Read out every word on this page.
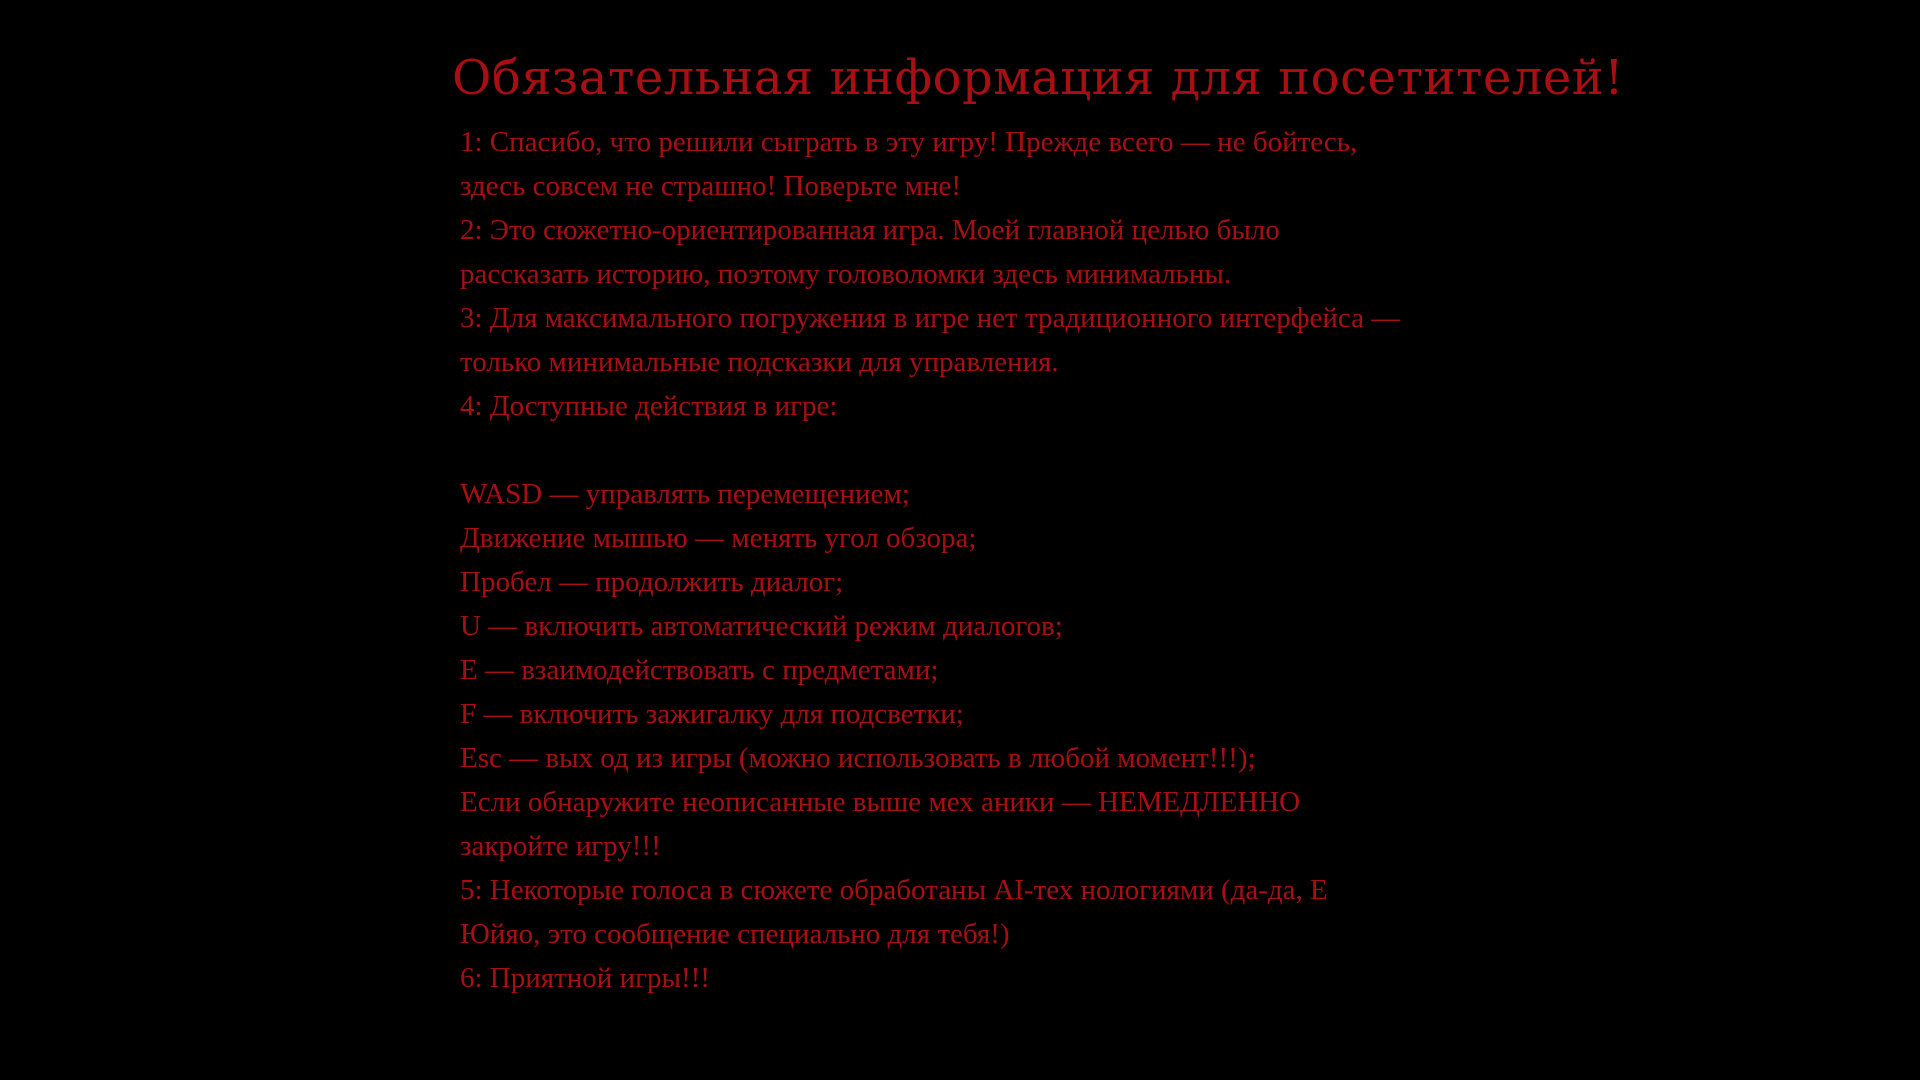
Обязательная информация для посетителей!
1: Спасибо, что решили сыграть в эту игру! Прежде всего — не бойтесь,
здесь совсем не страшно! Поверьте мне!
2: Это сюжетно-ориентированная игра. Моей главной целью было
рассказать историю, поэтому головоломки здесь минимальны.
3: Для максимального погружения в игре нет традиционного интерфейса —
только минимальные подсказки для управления.
4: Доступные действия в игре:
WASD — управлять перемещением;
Движение мышью — менять угол обзора;
Пробел — продолжить диалог;
U — включить автоматический режим диалогов;
E — взаимодействовать с предметами;
F — включить зажигалку для подсветки;
Esc — вых од из игры (можно использовать в любой момент!!!);
Если обнаружите неописанные выше мех аники — НЕМЕДЛЕННО
закройте игру!!!
5: Некоторые голоса в сюжете обработаны AI-тех нологиями (да-да, Е
Юйяо, это сообщение специально для тебя!)
6: Приятной игры!!!
